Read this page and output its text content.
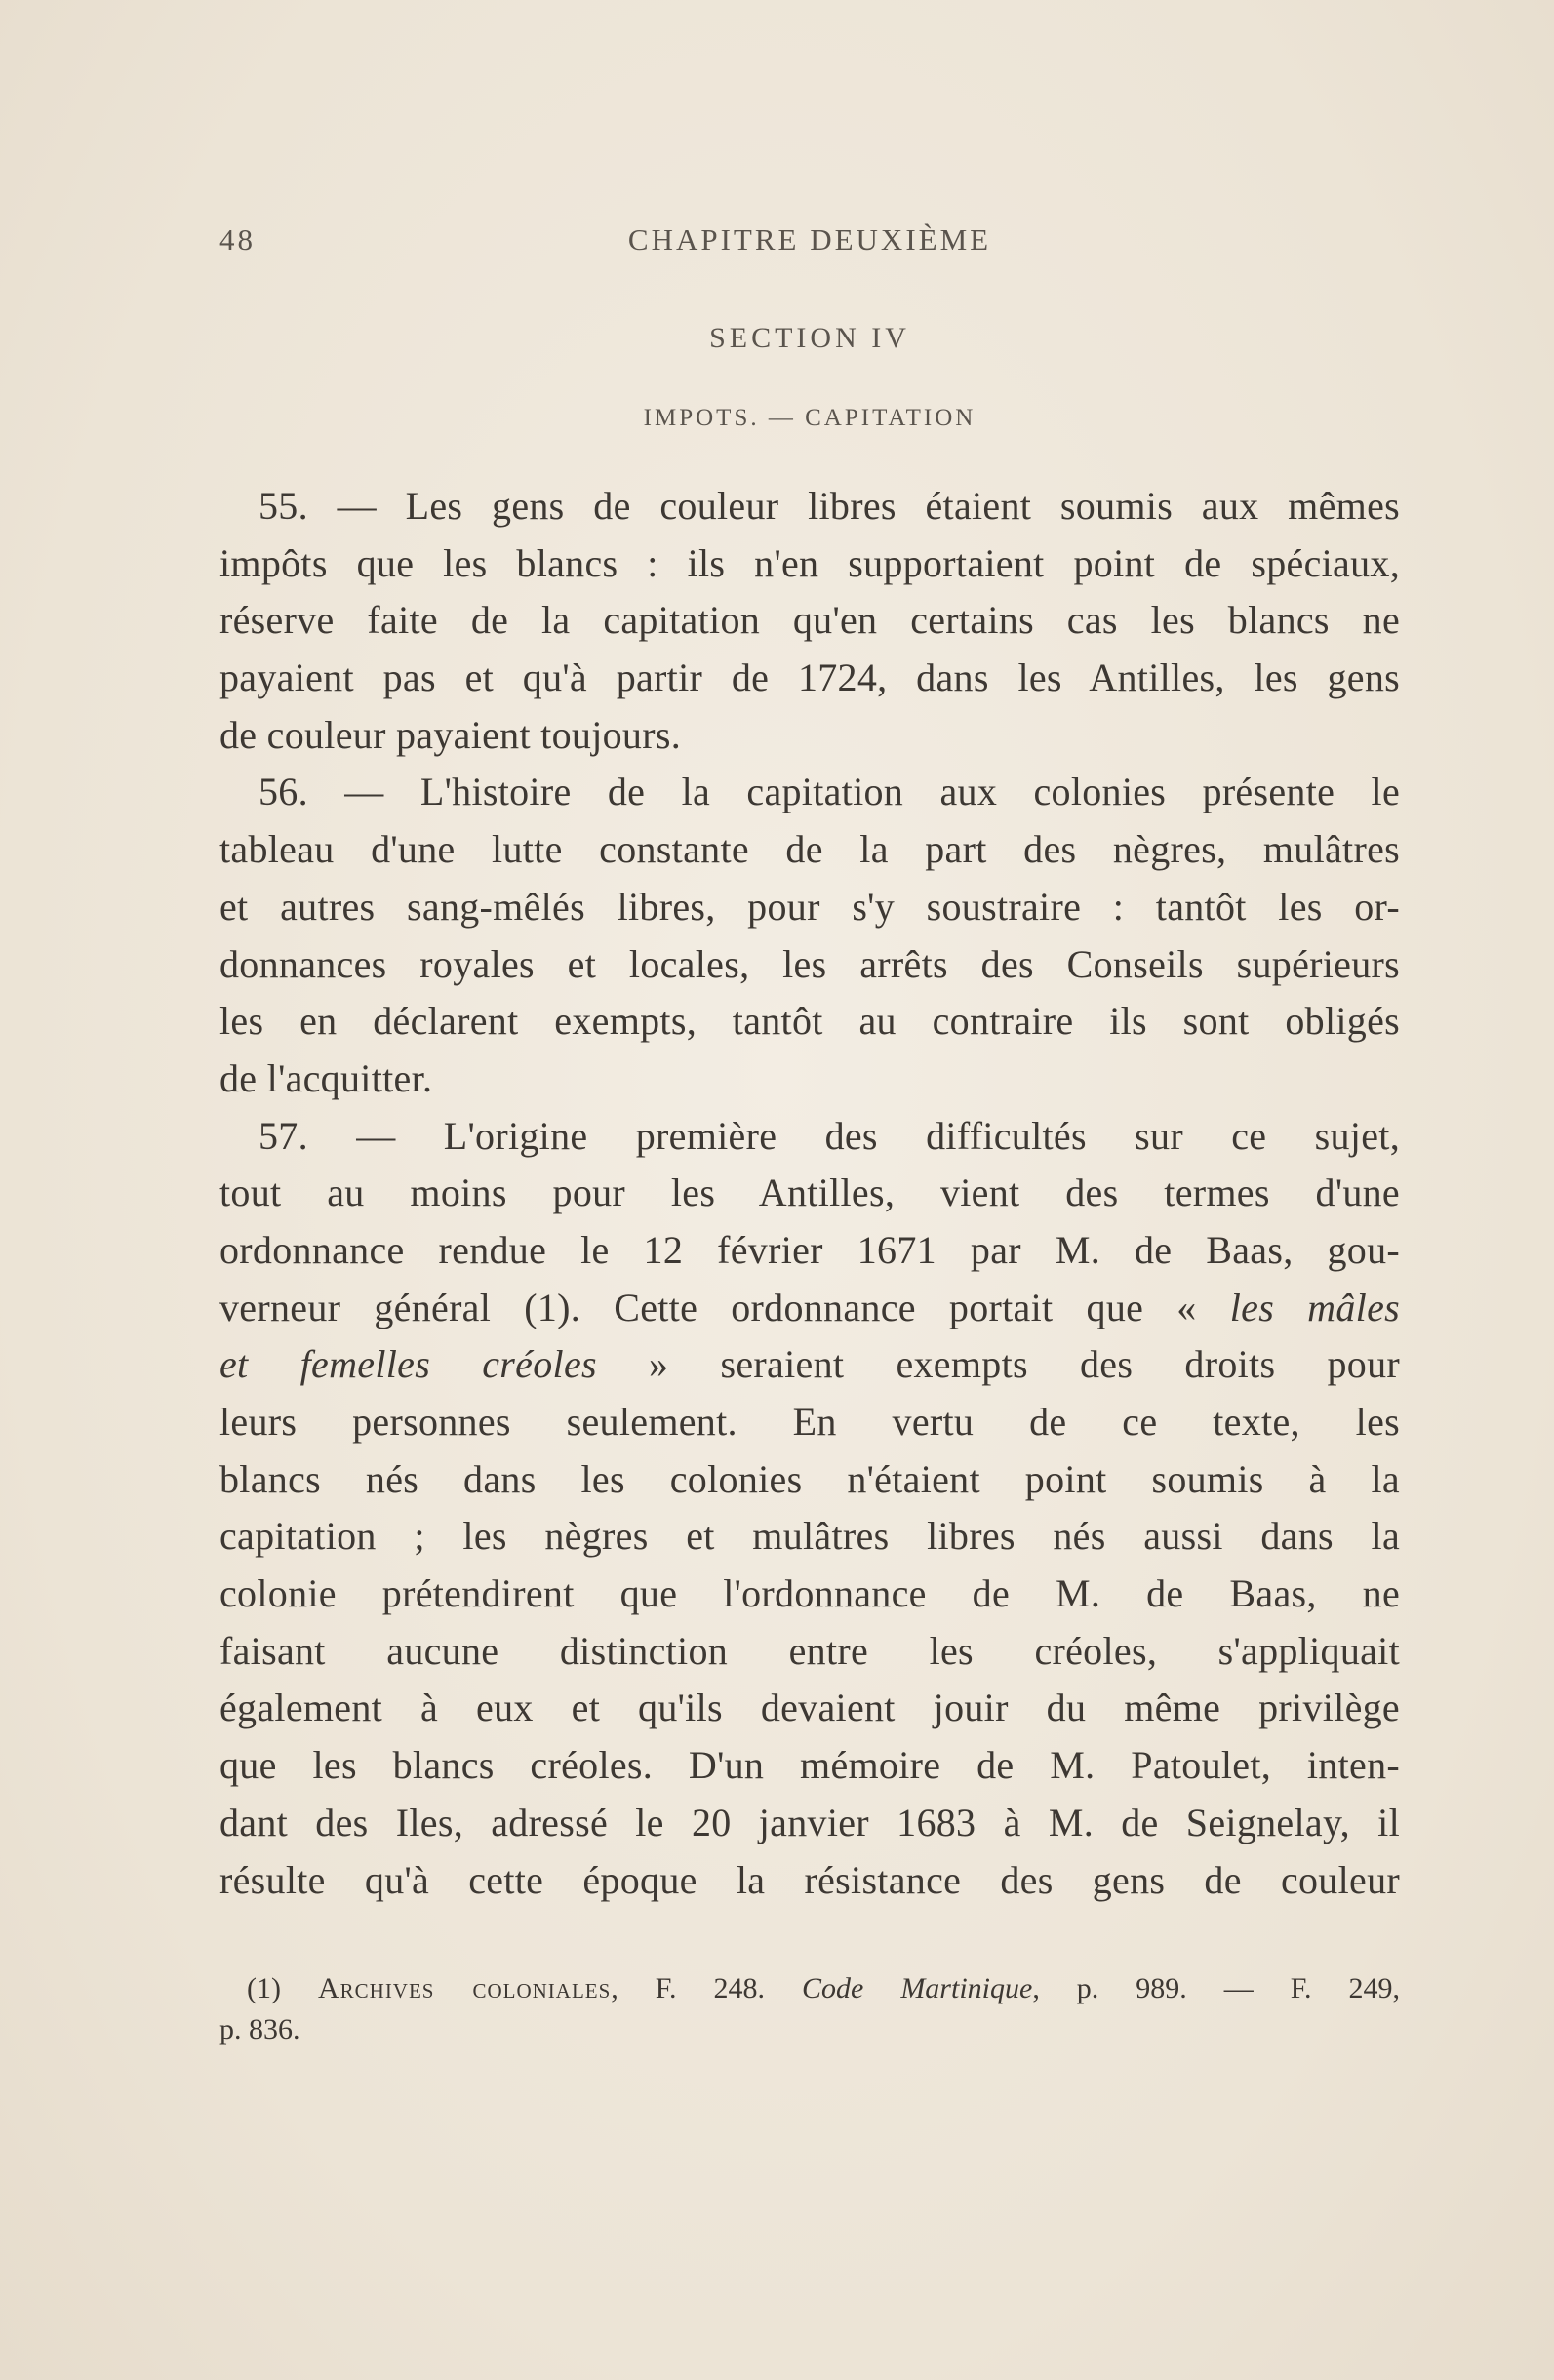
48	CHAPITRE DEUXIÈME
SECTION IV
IMPOTS. — CAPITATION
55. — Les gens de couleur libres étaient soumis aux mêmes
impôts que les blancs : ils n'en supportaient point de spéciaux,
réserve faite de la capitation qu'en certains cas les blancs ne
payaient pas et qu'à partir de 1724, dans les Antilles, les gens
de couleur payaient toujours.
56. — L'histoire de la capitation aux colonies présente le
tableau d'une lutte constante de la part des nègres, mulâtres
et autres sang-mêlés libres, pour s'y soustraire : tantôt les or-
donnances royales et locales, les arrêts des Conseils supérieurs
les en déclarent exempts, tantôt au contraire ils sont obligés
de l'acquitter.
57. — L'origine première des difficultés sur ce sujet,
tout au moins pour les Antilles, vient des termes d'une
ordonnance rendue le 12 février 1671 par M. de Baas, gou-
verneur général (1). Cette ordonnance portait que « les mâles
et femelles créoles » seraient exempts des droits pour
leurs personnes seulement. En vertu de ce texte, les
blancs nés dans les colonies n'étaient point soumis à la
capitation ; les nègres et mulâtres libres nés aussi dans la
colonie prétendirent que l'ordonnance de M. de Baas, ne
faisant aucune distinction entre les créoles, s'appliquait
également à eux et qu'ils devaient jouir du même privilège
que les blancs créoles. D'un mémoire de M. Patoulet, inten-
dant des Iles, adressé le 20 janvier 1683 à M. de Seignelay, il
résulte qu'à cette époque la résistance des gens de couleur
(1) Archives coloniales, F. 248. Code Martinique, p. 989. — F. 249,
p. 836.
